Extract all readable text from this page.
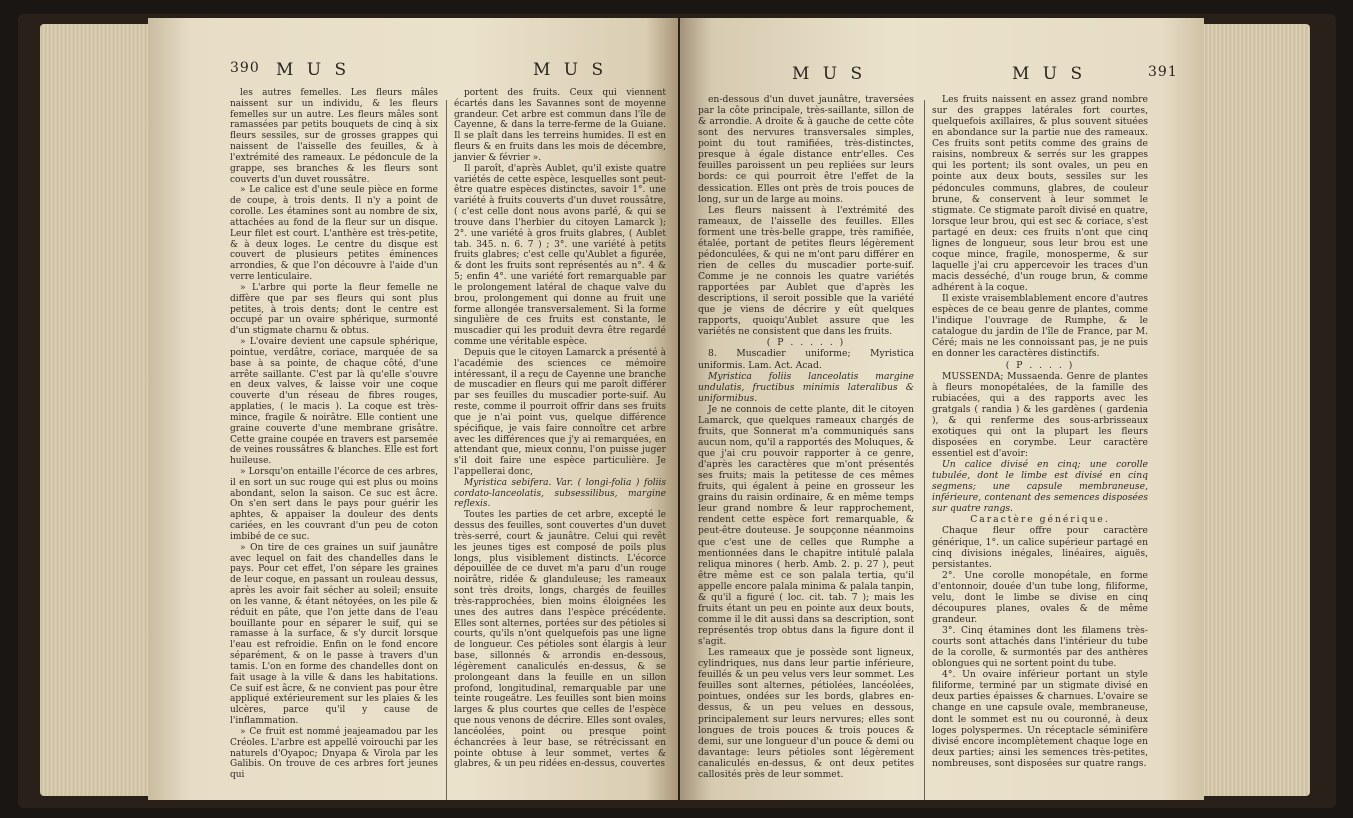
390 M U S	M U S

les autres femelles. Les fleurs mâles naissent sur un individu, & les fleurs femelles sur un autre. Les fleurs mâles sont ramassées par petits bouquets de cinq à six fleurs sessiles, sur de grosses grappes qui naissent de l'aisselle des feuilles, & à l'extrémité des rameaux. Le pédoncule de la grappe, ses branches & les fleurs sont couverts d'un duvet roussâtre.

» Le calice est d'une seule pièce en forme de coupe, à trois dents. Il n'y a point de corolle. Les étamines sont au nombre de six, attachées au fond de la fleur sur un disque. Leur filet est court. L'anthère est très-petite, & à deux loges. Le centre du disque est couvert de plusieurs petites éminences arrondies, & que l'on découvre à l'aide d'un verre lenticulaire.

» L'arbre qui porte la fleur femelle ne diffère que par ses fleurs qui sont plus petites, à trois dents; dont le centre est occupé par un ovaire sphérique, surmonté d'un stigmate charnu & obtus.

» L'ovaire devient une capsule sphérique, pointue, verdâtre, coriace, marquée de sa base à sa pointe, de chaque côté, d'une arrête saillante. C'est par là qu'elle s'ouvre en deux valves, & laisse voir une coque couverte d'un réseau de fibres rouges, applaties, ( le macis ). La coque est très-mince, fragile & noirâtre. Elle contient une graine couverte d'une membrane grisâtre. Cette graine coupée en travers est parsemée de veines roussâtres & blanches. Elle est fort huileuse.

» Lorsqu'on entaille l'écorce de ces arbres, il en sort un suc rouge qui est plus ou moins abondant, selon la saison. Ce suc est âcre. On s'en sert dans le pays pour guérir les aphtes, & appaiser la douleur des dents cariées, en les couvrant d'un peu de coton imbibé de ce suc.

» On tire de ces graines un suif jaunâtre avec lequel on fait des chandelles dans le pays. Pour cet effet, l'on sépare les graines de leur coque, en passant un rouleau dessus, après les avoir fait sécher au soleil; ensuite on les vanne, & étant nétoyées, on les pile & réduit en pâte, que l'on jette dans de l'eau bouillante pour en séparer le suif, qui se ramasse à la surface, & s'y durcit lorsque l'eau est refroidie. Enfin on le fond encore séparément, & on le passe à travers d'un tamis. L'on en forme des chandelles dont on fait usage à la ville & dans les habitations. Ce suif est âcre, & ne convient pas pour être appliqué extérieurement sur les plaies & les ulcères, parce qu'il y cause de l'inflammation.

» Ce fruit est nommé jeajeamadou par les Créoles. L'arbre est appellé voirouchi par les naturels d'Oyapoc; Dnyapa & Virola par les Galibis. On trouve de ces arbres fort jeunes qui

portent des fruits. Ceux qui viennent écartés dans les Savannes sont de moyenne grandeur. Cet arbre est commun dans l'île de Cayenne, & dans la terre-ferme de la Guiane. Il se plaît dans les terreins humides. Il est en fleurs & en fruits dans les mois de décembre, janvier & février ».

Il paroît, d'après Aublet, qu'il existe quatre variétés de cette espèce, lesquelles sont peut-être quatre espèces distinctes, savoir 1°. une variété à fruits couverts d'un duvet roussâtre, ( c'est celle dont nous avons parlé, & qui se trouve dans l'herbier du citoyen Lamarck ); 2°. une variété à gros fruits glabres, ( Aublet tab. 345. n. 6. 7 ) ; 3°. une variété à petits fruits glabres; c'est celle qu'Aublet a figurée, & dont les fruits sont représentés au n°. 4 & 5; enfin 4°. une variété fort remarquable par le prolongement latéral de chaque valve du brou, prolongement qui donne au fruit une forme allongée transversalement. Si la forme singulière de ces fruits est constante, le muscadier qui les produit devra être regardé comme une véritable espèce.

Depuis que le citoyen Lamarck a présenté à l'académie des sciences ce mémoire intéressant, il a reçu de Cayenne une branche de muscadier en fleurs qui me paroît différer par ses feuilles du muscadier porte-suif. Au reste, comme il pourroit offrir dans ses fruits que je n'ai point vus, quelque différence spécifique, je vais faire connoître cet arbre avec les différences que j'y ai remarquées, en attendant que, mieux connu, l'on puisse juger s'il doit faire une espèce particulière. Je l'appellerai donc,

Myristica sebifera. Var. ( longi-folia ) foliis cordato-lanceolatis, subsessilibus, margine reflexis.

Toutes les parties de cet arbre, excepté le dessus des feuilles, sont couvertes d'un duvet très-serré, court & jaunâtre. Celui qui revêt les jeunes tiges est composé de poils plus longs, plus visiblement distincts. L'écorce dépouillée de ce duvet m'a paru d'un rouge noirâtre, ridée & glanduleuse; les rameaux sont très droits, longs, chargés de feuilles très-rapprochées, bien moins éloignées les unes des autres dans l'espèce précédente. Elles sont alternes, portées sur des pétioles si courts, qu'ils n'ont quelquefois pas une ligne de longueur. Ces pétioles sont élargis à leur base, sillonnés & arrondis en-dessous, légèrement canaliculés en-dessus, & se prolongeant dans la feuille en un sillon profond, longitudinal, remarquable par une teinte rougeâtre. Les feuilles sont bien moins larges & plus courtes que celles de l'espèce que nous venons de décrire. Elles sont ovales, lancéolées, point ou presque point échancrées à leur base, se rétrécissant en pointe obtuse à leur sommet, vertes & glabres, & un peu ridées en-dessus, couvertes

M U S	M U S	391

en-dessous d'un duvet jaunâtre, traversées par la côte principale, très-saillante, sillon de & arrondie. A droite & à gauche de cette côte sont des nervures transversales simples, point du tout ramifiées, très-distinctes, presque à égale distance entr'elles. Ces feuilles paroissent un peu repliées sur leurs bords: ce qui pourroit être l'effet de la dessication. Elles ont près de trois pouces de long, sur un de large au moins.

Les fleurs naissent à l'extrémité des rameaux, de l'aisselle des feuilles. Elles forment une très-belle grappe, très ramifiée, étalée, portant de petites fleurs légèrement pédonculées, & qui ne m'ont paru différer en rien de celles du muscadier porte-suif. Comme je ne connois les quatre variétés rapportées par Aublet que d'après les descriptions, il seroit possible que la variété que je viens de décrire y eût quelques rapports, quoiqu'Aublet assure que les variétés ne consistent que dans les fruits.

( P . . . . . )

8. Muscadier uniforme; Myristica uniformis. Lam. Act. Acad.

Myristica foliis lanceolatis margine undulatis, fructibus minimis lateralibus & uniformibus.

Je ne connois de cette plante, dit le citoyen Lamarck, que quelques rameaux chargés de fruits, que Sonnerat m'a communiqués sans aucun nom, qu'il a rapportés des Moluques, & que j'ai cru pouvoir rapporter à ce genre, d'après les caractères que m'ont présentés ses fruits; mais la petitesse de ces mêmes fruits, qui égalent à peine en grosseur les grains du raisin ordinaire, & en même temps leur grand nombre & leur rapprochement, rendent cette espèce fort remarquable, & peut-être douteuse. Je soupçonne néanmoins que c'est une de celles que Rumphe a mentionnées dans le chapitre intitulé palala reliqua minores ( herb. Amb. 2. p. 27 ), peut être même est ce son palala tertia, qu'il appelle encore palala minima & palala tanpin, & qu'il a figuré ( loc. cit. tab. 7 ); mais les fruits étant un peu en pointe aux deux bouts, comme il le dit aussi dans sa description, sont représentés trop obtus dans la figure dont il s'agit.

Les rameaux que je possède sont ligneux, cylindriques, nus dans leur partie inférieure, feuillés & un peu velus vers leur sommet. Les feuilles sont alternes, pétiolées, lancéolées, pointues, ondées sur les bords, glabres en-dessus, & un peu velues en dessous, principalement sur leurs nervures; elles sont longues de trois pouces & trois pouces & demi, sur une longueur d'un pouce & demi ou davantage: leurs pétioles sont légèrement canaliculés en-dessus, & ont deux petites callosités près de leur sommet.

Les fruits naissent en assez grand nombre sur des grappes latérales fort courtes, quelquefois axillaires, & plus souvent situées en abondance sur la partie nue des rameaux. Ces fruits sont petits comme des grains de raisins, nombreux & serrés sur les grappes qui les portent; ils sont ovales, un peu en pointe aux deux bouts, sessiles sur les pédoncules communs, glabres, de couleur brune, & conservent à leur sommet le stigmate. Ce stigmate paroît divisé en quatre, lorsque leur brou, qui est sec & coriace, s'est partagé en deux: ces fruits n'ont que cinq lignes de longueur, sous leur brou est une coque mince, fragile, monosperme, & sur laquelle j'ai cru appercevoir les traces d'un macis desséché, d'un rouge brun, & comme adhérent à la coque.

Il existe vraisemblablement encore d'autres espèces de ce beau genre de plantes, comme l'indique l'ouvrage de Rumphe, & le catalogue du jardin de l'île de France, par M. Céré; mais ne les connoissant pas, je ne puis en donner les caractères distinctifs.

( P . . . . )

MUSSENDA; Mussaenda. Genre de plantes à fleurs monopétalées, de la famille des rubiacées, qui a des rapports avec les gratgals ( randia ) & les gardènes ( gardenia ), & qui renferme des sous-arbrisseaux exotiques qui ont la plupart les fleurs disposées en corymbe. Leur caractère essentiel est d'avoir:

Un calice divisé en cinq; une corolle tubulée, dont le limbe est divisé en cinq segmens; une capsule membraneuse, inférieure, contenant des semences disposées sur quatre rangs.

Caractère générique.

Chaque fleur offre pour caractère générique, 1°. un calice supérieur partagé en cinq divisions inégales, linéaires, aiguës, persistantes.

2°. Une corolle monopétale, en forme d'entonnoir, douée d'un tube long, filiforme, velu, dont le limbe se divise en cinq découpures planes, ovales & de même grandeur.

3°. Cinq étamines dont les filamens très-courts sont attachés dans l'intérieur du tube de la corolle, & surmontés par des anthères oblongues qui ne sortent point du tube.

4°. Un ovaire inférieur portant un style filiforme, terminé par un stigmate divisé en deux parties épaisses & charnues. L'ovaire se change en une capsule ovale, membraneuse, dont le sommet est nu ou couronné, à deux loges polyspermes. Un réceptacle séminifère divisé encore incomplètement chaque loge en deux parties; ainsi les semences très-petites, nombreuses, sont disposées sur quatre rangs.
